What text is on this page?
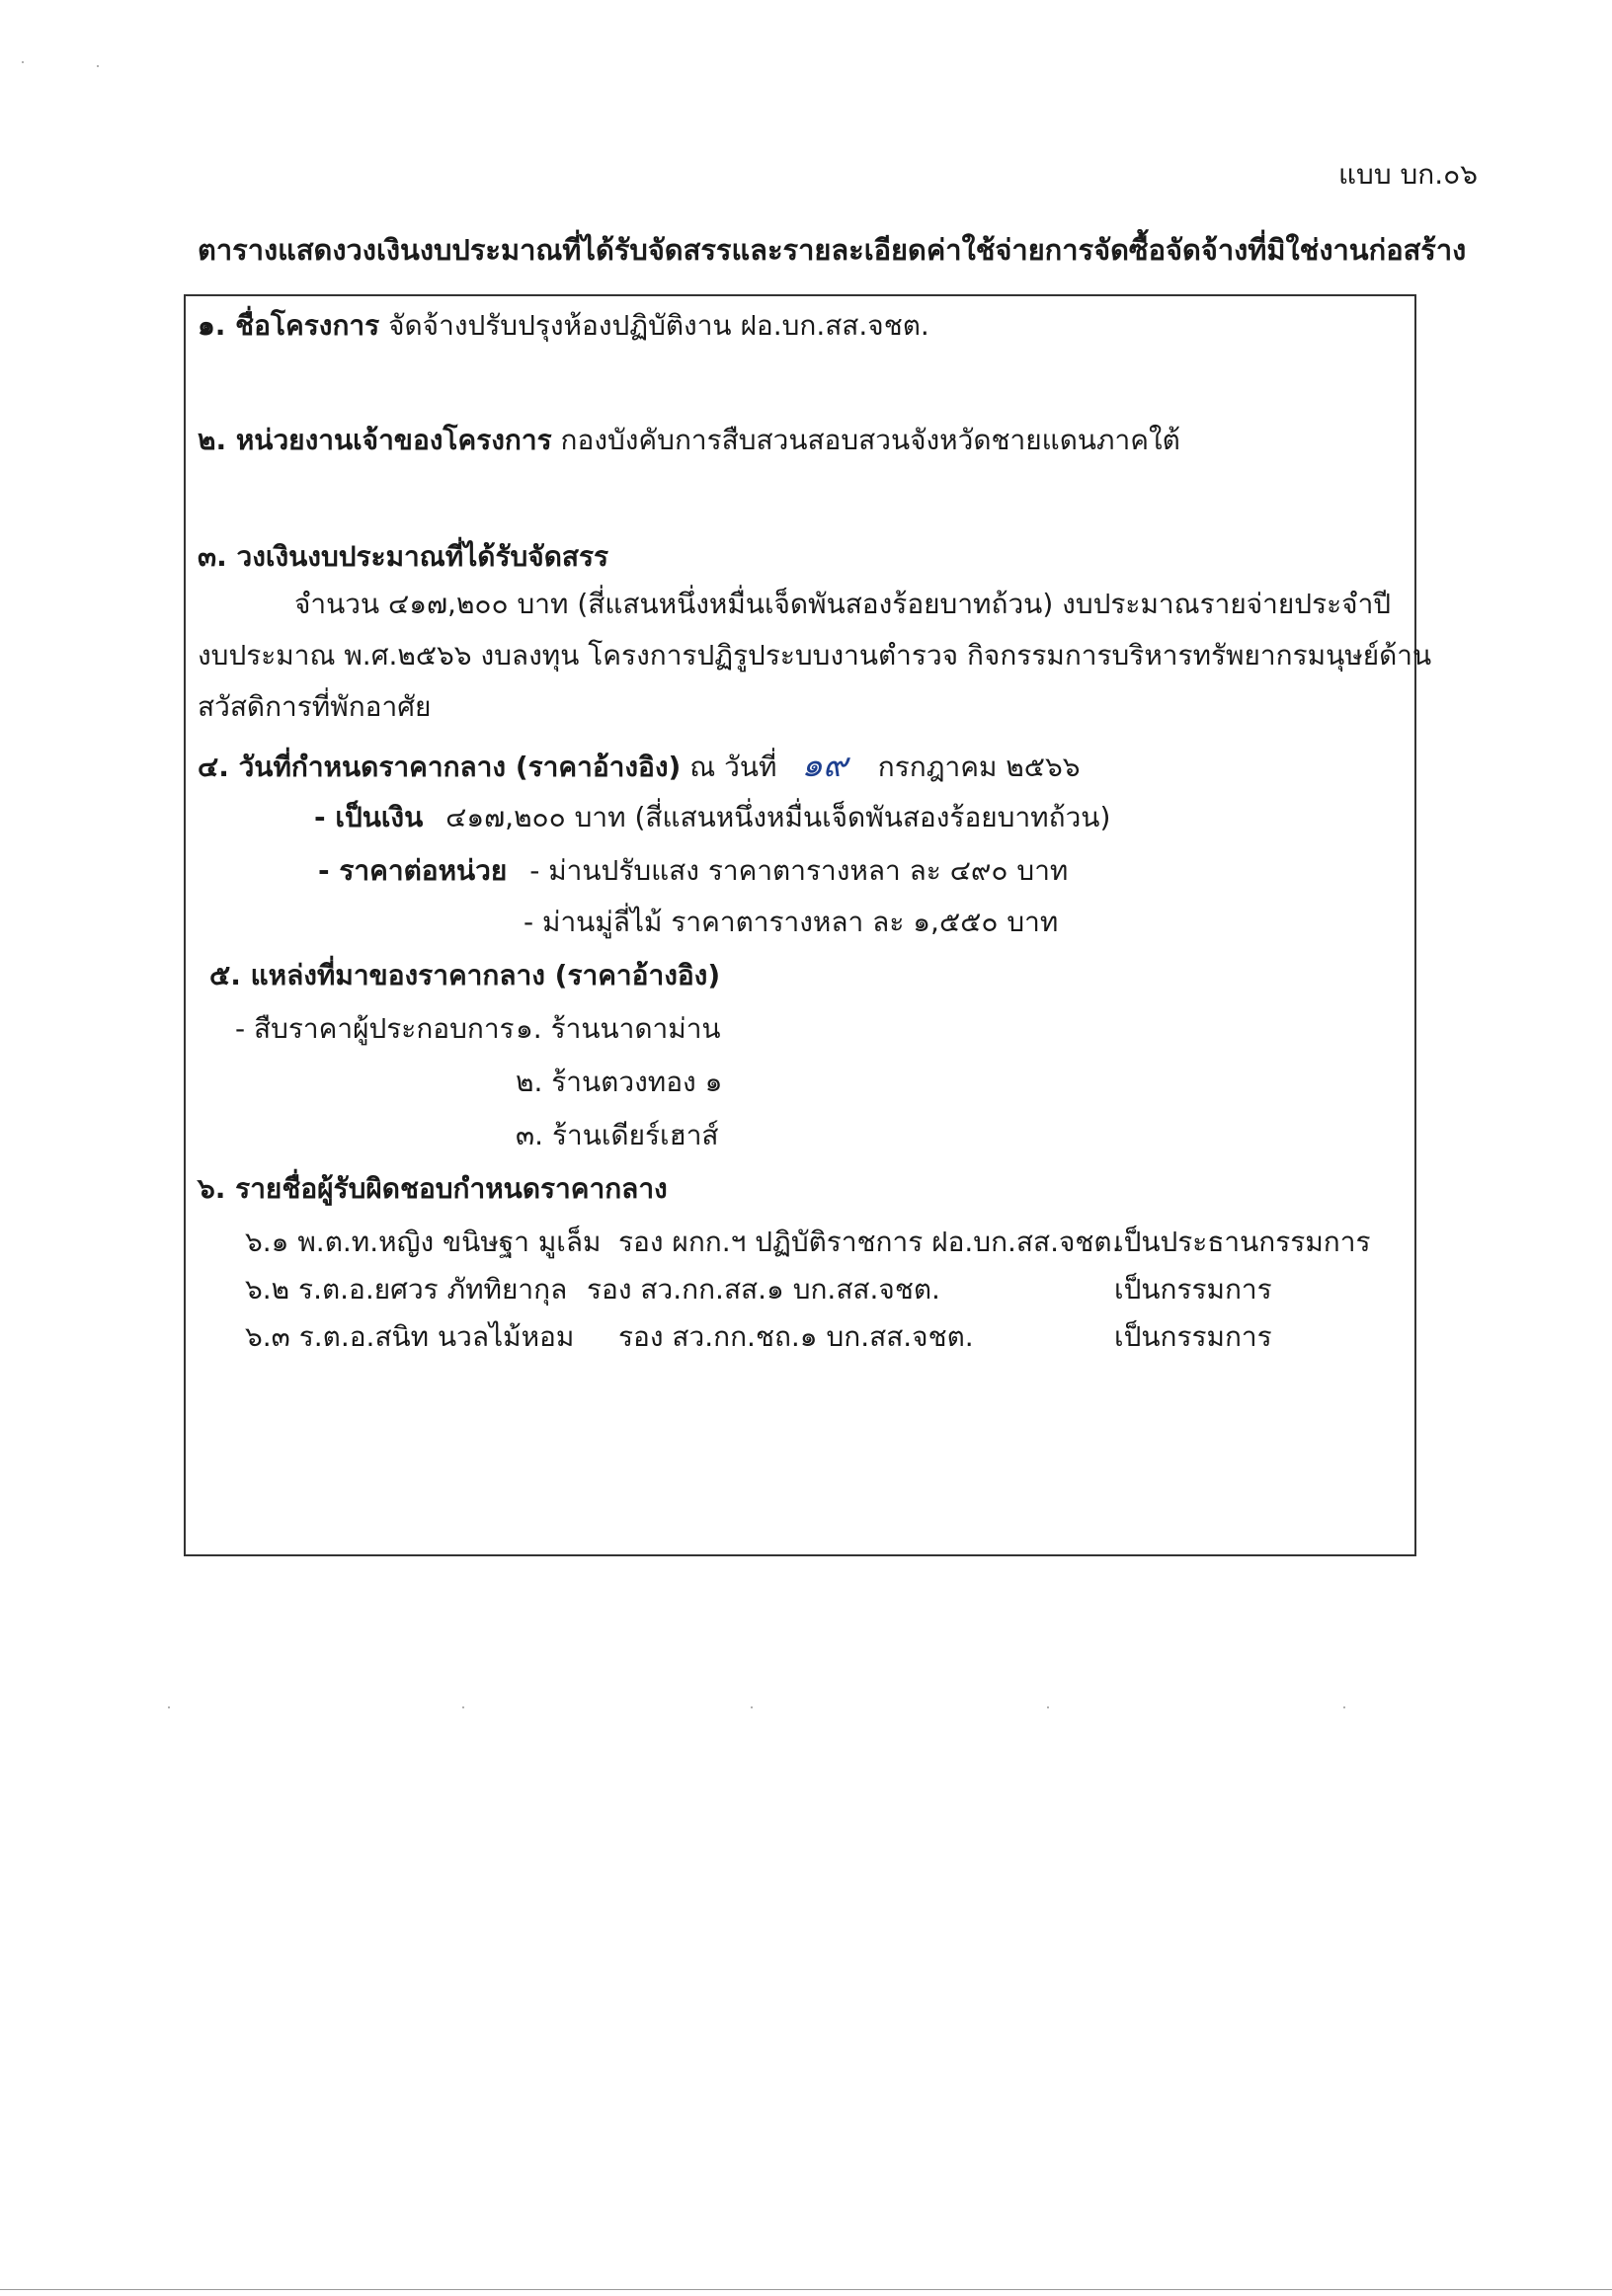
แบบ บก.๐๖
ตารางแสดงวงเงินงบประมาณที่ได้รับจัดสรรและรายละเอียดค่าใช้จ่ายการจัดซื้อจัดจ้างที่มิใช่งานก่อสร้าง
๑. ชื่อโครงการ จัดจ้างปรับปรุงห้องปฏิบัติงาน ฝอ.บก.สส.จชต.
๒. หน่วยงานเจ้าของโครงการ กองบังคับการสืบสวนสอบสวนจังหวัดชายแดนภาคใต้
๓. วงเงินงบประมาณที่ได้รับจัดสรร
จำนวน ๔๑๗,๒๐๐ บาท (สี่แสนหนึ่งหมื่นเจ็ดพันสองร้อยบาทถ้วน) งบประมาณรายจ่ายประจำปี
งบประมาณ พ.ศ.๒๕๖๖ งบลงทุน โครงการปฏิรูประบบงานตำรวจ กิจกรรมการบริหารทรัพยากรมนุษย์ด้าน
สวัสดิการที่พักอาศัย
๔. วันที่กำหนดราคากลาง (ราคาอ้างอิง) ณ วันที่ ๑๙ กรกฎาคม ๒๕๖๖
- เป็นเงิน ๔๑๗,๒๐๐ บาท (สี่แสนหนึ่งหมื่นเจ็ดพันสองร้อยบาทถ้วน)
- ราคาต่อหน่วย - ม่านปรับแสง ราคาตารางหลา ละ ๔๙๐ บาท
- ม่านมู่ลี่ไม้ ราคาตารางหลา ละ ๑,๕๕๐ บาท
๕. แหล่งที่มาของราคากลาง (ราคาอ้างอิง)
- สืบราคาผู้ประกอบการ ๑. ร้านนาดาม่าน
๒. ร้านตวงทอง ๑
๓. ร้านเดียร์เฮาส์
๖. รายชื่อผู้รับผิดชอบกำหนดราคากลาง
๖.๑ พ.ต.ท.หญิง ขนิษฐา มูเล็ม รอง ผกก.ฯ ปฏิบัติราชการ ฝอ.บก.สส.จชต.
เป็นประธานกรรมการ
๖.๒ ร.ต.อ.ยศวร ภัททิยากุล รอง สว.กก.สส.๑ บก.สส.จชต.	เป็นกรรมการ
๖.๓ ร.ต.อ.สนิท นวลไม้หอม รอง สว.กก.ชถ.๑ บก.สส.จชต.	เป็นกรรมการ
